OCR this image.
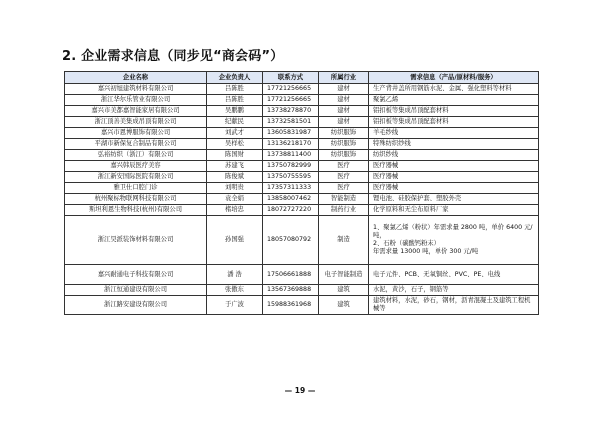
2. 企业需求信息（同步见“商会码”）
企业名称	企业负责人	联系方式	所属行业	需求信息（产品/原材料/服务）
嘉兴初旭建筑材料有限公司	吕陈胜	17721256665	建材	生产背井盖所用钢筋水泥、金属、强化塑料等材料
浙江华尔乐管业有限公司	吕陈胜	17721256665	建材	聚氯乙烯
嘉兴市美都嘉智能家居有限公司	吴鹏鹏	13738278870	建材	铝扣板等集成吊顶配套材料
浙江顶善美集成吊顶有限公司	纪献民	13732581501	建材	铝扣板等集成吊顶配套材料
嘉兴市恩博服饰有限公司	刘武才	13605831987	纺织服饰	羊毛纱线
平湖市新保复合制品有限公司	吴样松	13136218170	纺织服饰	特殊纺织纱线
弘裕纺织（浙江）有限公司	陈国财	13738811400	纺织服饰	纺织纱线
嘉兴韩辰医疗美容	苏建飞	13750782999	医疗	医疗器械
浙江新安国际医院有限公司	陈俊斌	13750755595	医疗	医疗器械
雅卫仕口腔门诊	刘明贵	17357311333	医疗	医疗器械
杭州聚标物联网科技有限公司	袁全娟	13858007462	智能制造	锂电池、硅胶保护套、塑胶外壳
斯坦利恩生物科技(杭州)有限公司	楮培忠	18072727220	制药行业	化学原料和无尘布原料厂家
浙江昊派装饰材料有限公司	孙国强	18057080792	制造	1、聚氯乙烯（粉状）年需求量 2800 吨，单价 6400 元/吨，
2、石粉（碳酸钙粉末）
年需求量 13000 吨，单价 300 元/吨
嘉兴耐通电子科技有限公司	潘 浩	17506661888	电子智能制造	电子元件、PCB、无氧铜丝、PVC、PE、电线
浙江恒通建设有限公司	张傲东	13567369888	建筑	水泥，黄沙，石子，钢筋等
浙江路安建设有限公司	于广波	15988361968	建筑	建筑材料，水泥，砂石，钢材，沥青混凝土及建筑工程机械等
— 19 —
